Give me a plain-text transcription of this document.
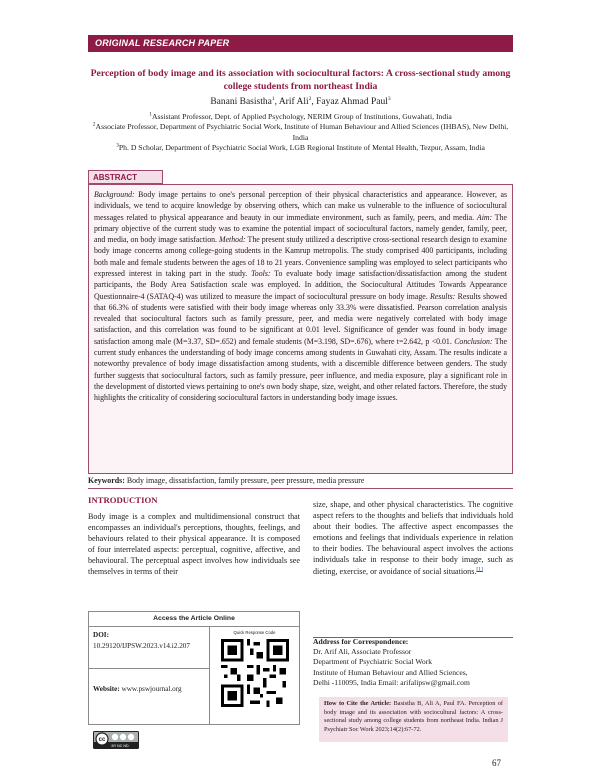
ORIGINAL RESEARCH PAPER
Perception of body image and its association with sociocultural factors: A cross-sectional study among college students from northeast India
Banani Basistha$^1$, Arif Ali$^2$, Fayaz Ahmad Paul$^3$

$^1$Assistant Professor, Dept. of Applied Psychology, NERIM Group of Institutions, Guwahati, India

$^2$Associate Professor, Department of Psychiatric Social Work, Institute of Human Behaviour and Allied Sciences (IHBAS), New Delhi, India

$^3$Ph. D Scholar, Department of Psychiatric Social Work, LGB Regional Institute of Mental Health, Tezpur, Assam, India

ABSTRACT
Background: Body image pertains to one's personal perception of their physical characteristics and appearance. However, as individuals, we tend to acquire knowledge by observing others, which can make us vulnerable to the influence of sociocultural messages related to physical appearance and beauty in our immediate environment, such as family, peers, and media. Aim: The primary objective of the current study was to examine the potential impact of sociocultural factors, namely gender, family, peer, and media, on body image satisfaction. Method: The present study utilized a descriptive cross-sectional research design to examine body image concerns among college-going students in the Kamrup metropolis. The study comprised 400 participants, including both male and female students between the ages of 18 to 21 years. Convenience sampling was employed to select participants who expressed interest in taking part in the study. Tools: To evaluate body image satisfaction/dissatisfaction among the student participants, the Body Area Satisfaction scale was employed. In addition, the Sociocultural Attitudes Towards Appearance Questionnaire-4 (SATAQ-4) was utilized to measure the impact of sociocultural pressure on body image. Results: Results showed that 66.3% of students were satisfied with their body image whereas only 33.3% were dissatisfied. Pearson correlation analysis revealed that sociocultural factors such as family pressure, peer, and media were negatively correlated with body image satisfaction, and this correlation was found to be significant at 0.01 level. Significance of gender was found in body image satisfaction among male (M=3.37, SD=.652) and female students (M=3.198, SD=.676), where t=2.642, p <0.01. Conclusion: The current study enhances the understanding of body image concerns among students in Guwahati city, Assam. The results indicate a noteworthy prevalence of body image dissatisfaction among students, with a discernible difference between genders. The study further suggests that sociocultural factors, such as family pressure, peer influence, and media exposure, play a significant role in the development of distorted views pertaining to one's own body shape, size, weight, and other related factors. Therefore, the study highlights the criticality of considering sociocultural factors in understanding body image issues.
Keywords: Body image, dissatisfaction, family pressure, peer pressure, media pressure
INTRODUCTION
Body image is a complex and multidimensional construct that encompasses an individual's perceptions, thoughts, feelings, and behaviours related to their physical appearance. It is composed of four interrelated aspects: perceptual, cognitive, affective, and behavioural. The perceptual aspect involves how individuals see themselves in terms of their
size, shape, and other physical characteristics. The cognitive aspect refers to the thoughts and beliefs that individuals hold about their bodies. The affective aspect encompasses the emotions and feelings that individuals experience in relation to their bodies. The behavioural aspect involves the actions individuals take in response to their body image, such as dieting, exercise, or avoidance of social situations.[1]
Access the Article Online
DOI:
10.29120/IJPSW.2023.v14.i2.207
Website: www.pswjournal.org
Quick Response Code
Address for Correspondence:
Dr. Arif Ali, Associate Professor
Department of Psychiatric Social Work
Institute of Human Behaviour and Allied Sciences,
Delhi -110095, India Email: arifalipsw@gmail.com
How to Cite the Article: Basistha B, Ali A, Paul FA. Perception of body image and its association with sociocultural factors: A cross-sectional study among college students from northeast India. Indian J Psychiatr Soc Work 2023;14(2):67-72.
cc
BY NC ND
67
